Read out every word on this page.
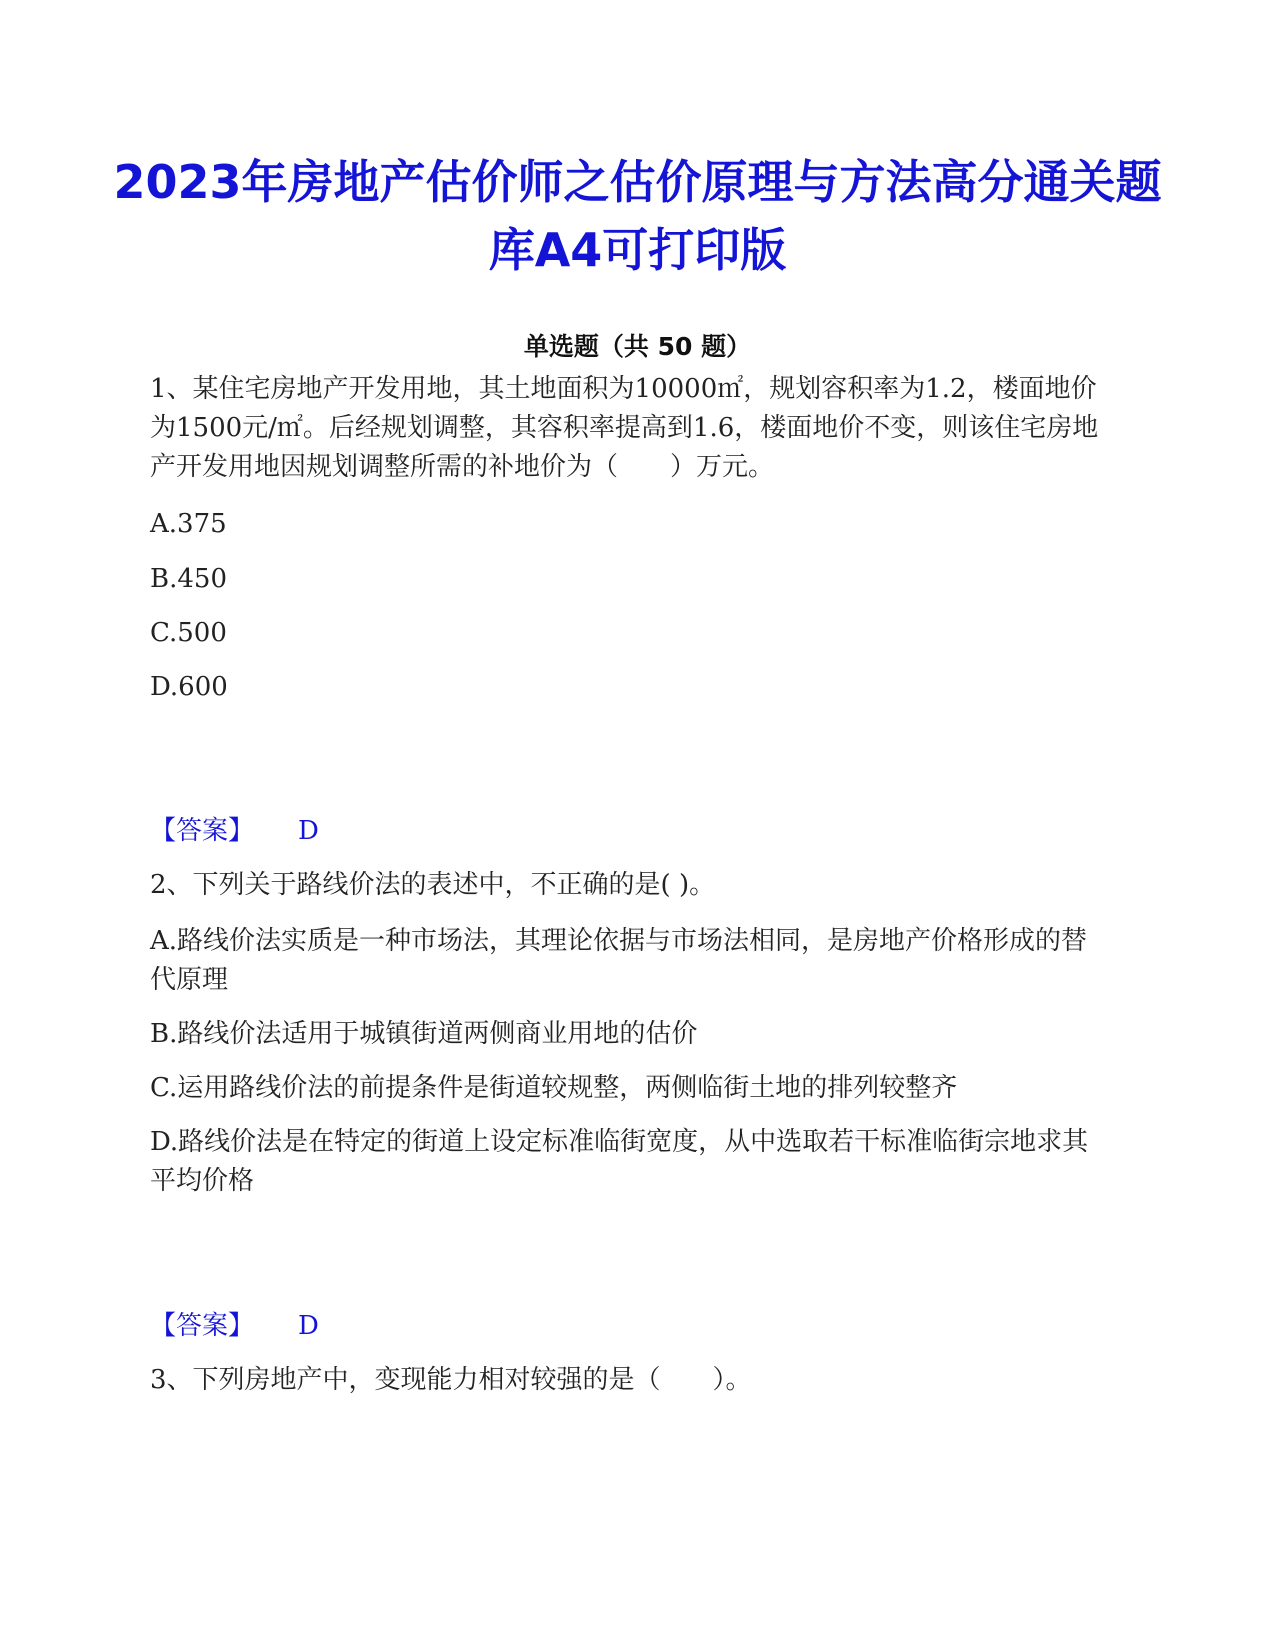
2023年房地产估价师之估价原理与方法高分通关题库A4可打印版
单选题（共 50 题）
1、某住宅房地产开发用地，其土地面积为10000㎡，规划容积率为1.2，楼面地价为1500元/㎡。后经规划调整，其容积率提高到1.6，楼面地价不变，则该住宅房地产开发用地因规划调整所需的补地价为（　　）万元。
A.375
B.450
C.500
D.600
【答案】 D
2、下列关于路线价法的表述中，不正确的是( )。
A.路线价法实质是一种市场法，其理论依据与市场法相同，是房地产价格形成的替代原理
B.路线价法适用于城镇街道两侧商业用地的估价
C.运用路线价法的前提条件是街道较规整，两侧临街土地的排列较整齐
D.路线价法是在特定的街道上设定标准临街宽度，从中选取若干标准临街宗地求其平均价格
【答案】 D
3、下列房地产中，变现能力相对较强的是（　　）。
